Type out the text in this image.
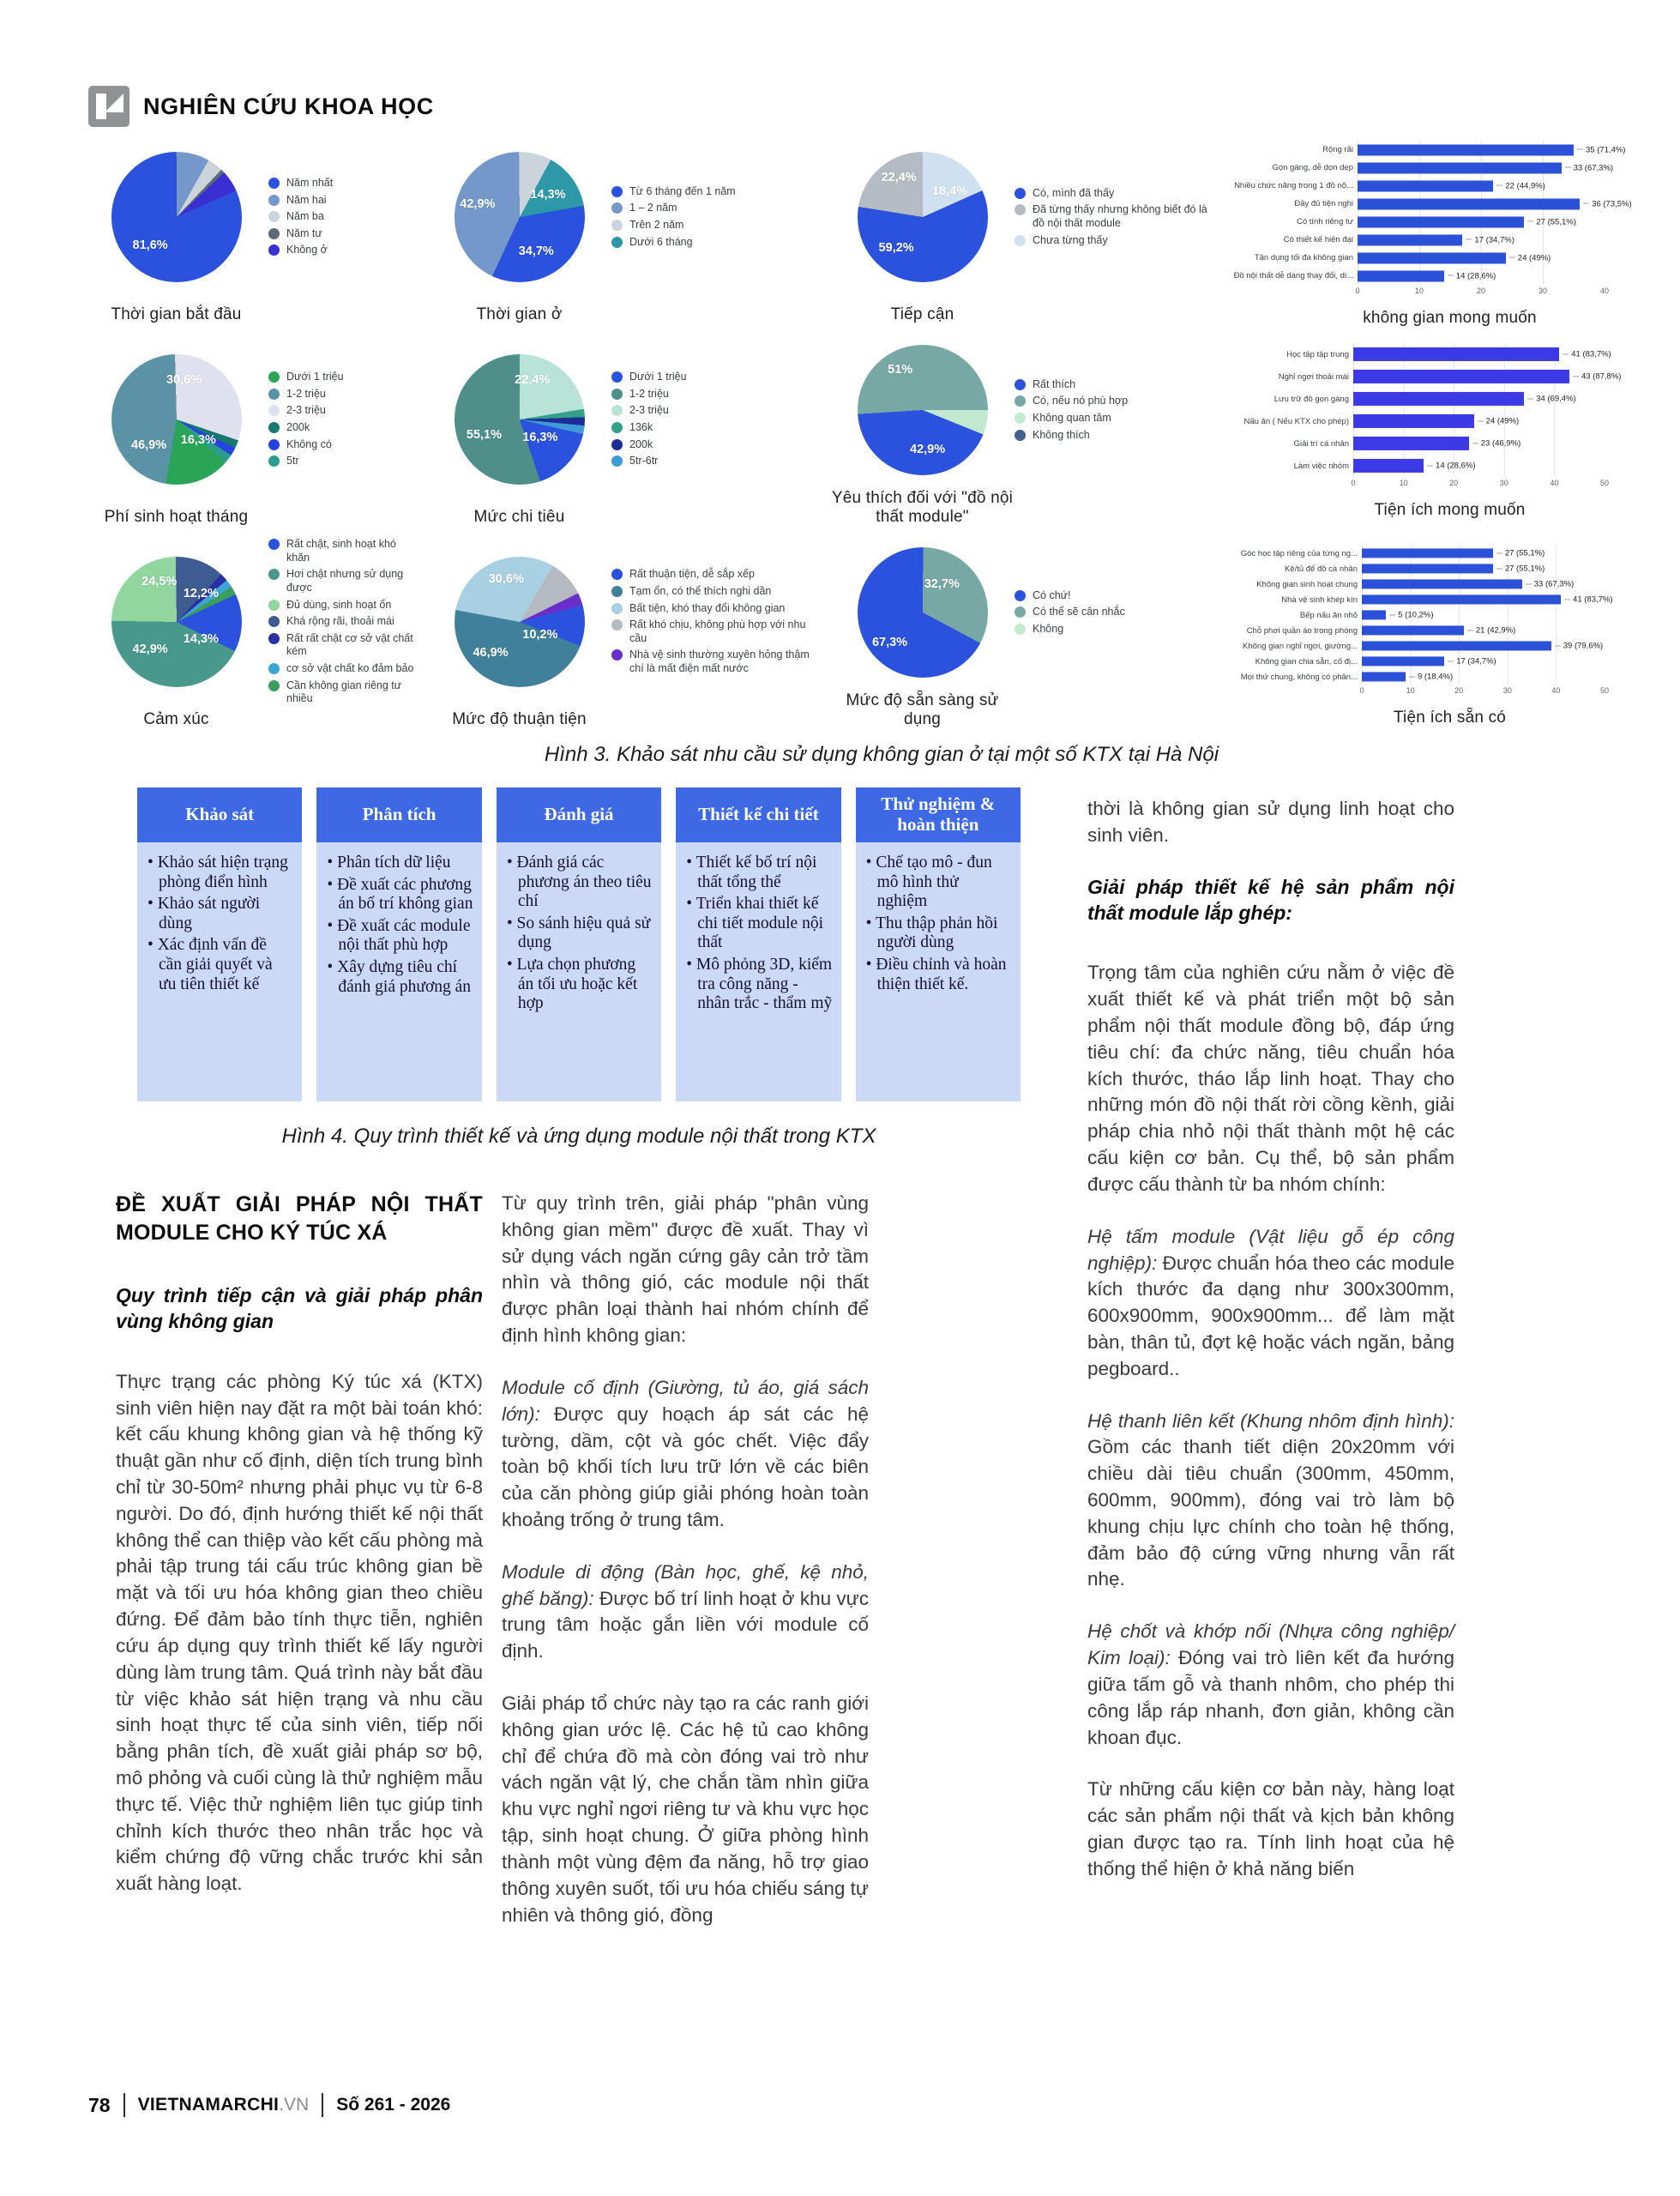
NGHIÊN CỨU KHOA HỌC
81,6%
Năm nhất
Năm hai
Năm ba
Năm tư
Không ở
Thời gian bắt đầu
34,7%
42,9%
14,3%	Từ 6 tháng đến 1 năm
1 – 2 năm
Trên 2 năm
Dưới 6 tháng
Thời gian ở
59,2%
22,4%
18,4%	Có, mình đã thấy
Đã từng thấy nhưng không biết đó là đồ nội thất module
Chưa từng thấy
Tiếp cận
Rộng rãi	35 (71,4%)
Gọn gàng, dễ dọn dẹp	33 (67,3%)
Nhiều chức năng trong 1 đồ nộ...	22 (44,9%)
Đầy đủ tiện nghi	36 (73,5%)
Có tính riêng tư	27 (55,1%)
Có thiết kế hiện đại	17 (34,7%)
Tận dụng tối đa không gian	24 (49%)
Đồ nội thất dễ dàng thay đổi, di...	14 (28,6%)
0	10	20	30	40
không gian mong muốn
16,3%
46,9%
30,6%	Dưới 1 triệu
1-2 triệu
2-3 triệu
200k
Không có
5tr
Phí sinh hoạt tháng
16,3%
55,1%
22,4%	Dưới 1 triệu
1-2 triệu
2-3 triệu
136k
200k
5tr-6tr
Mức chi tiêu
42,9%
51%
Rất thích
Có, nếu nó phù hợp
Không quan tâm
Không thích
Yêu thích đối với "đồ nội thất module"
Học tập tập trung	41 (83,7%)
Nghỉ ngơi thoải mái	43 (87,8%)
Lưu trữ đồ gọn gàng	34 (69,4%)
Nấu ăn ( Nếu KTX cho phép)	24 (49%)
Giải trí cá nhân	23 (46,9%)
Làm việc nhóm	14 (28,6%)
0	10	20	30	40	50
Tiện ích mong muốn
14,3%
42,9%
24,5%
12,2%
Rất chật, sinh hoạt khó khăn
Hơi chật nhưng sử dụng được
Đủ dùng, sinh hoạt ổn
Khá rộng rãi, thoải mái
Rất rất chật cơ sở vật chất kém
cơ sở vật chất ko đảm bảo
Cần không gian riêng tư nhiều
Cảm xúc
10,2%
46,9%
30,6%	Rất thuận tiện, dễ sắp xếp
Tạm ổn, có thể thích nghi dần
Bất tiện, khó thay đổi không gian
Rất khó chịu, không phù hợp với nhu cầu
Nhà vệ sinh thường xuyên hỏng thậm chí là mất điện mất nước
Mức độ thuận tiện
67,3%
32,7%
Có chứ!
Có thể sẽ cân nhắc
Không
Mức độ sẵn sàng sử dụng
Góc học tập riêng của từng ng...	27 (55,1%)
Kệ/tủ để đồ cá nhân	27 (55,1%)
Không gian sinh hoạt chung	33 (67,3%)
Nhà vệ sinh khép kín	41 (83,7%)
Bếp nấu ăn nhỏ	5 (10,2%)
Chỗ phơi quần áo trong phòng	21 (42,9%)
Không gian nghỉ ngơi, giường...	39 (79,6%)
Không gian chia sẵn, cố đị...	17 (34,7%)
Mọi thứ chung, không có phân...	9 (18,4%)
0	10	20	30	40	50
Tiện ích sẵn có
Hình 3. Khảo sát nhu cầu sử dụng không gian ở tại một số KTX tại Hà Nội
Khảo sát
• Khảo sát hiện trạng phòng điển hình
• Khảo sát người dùng
• Xác định vấn đề cần giải quyết và ưu tiên thiết kế
Phân tích
• Phân tích dữ liệu
• Đề xuất các phương án bố trí không gian
• Đề xuất các module nội thất phù hợp
• Xây dựng tiêu chí đánh giá phương án
Đánh giá
• Đánh giá các phương án theo tiêu chí
• So sánh hiệu quả sử dụng
• Lựa chọn phương án tối ưu hoặc kết hợp
Thiết kế chi tiết
• Thiết kế bố trí nội thất tổng thể
• Triển khai thiết kế chi tiết module nội thất
• Mô phỏng 3D, kiểm tra công năng - nhân trắc - thẩm mỹ
Thử nghiệm & hoàn thiện
• Chế tạo mô - đun mô hình thử nghiệm
• Thu thập phản hồi người dùng
• Điều chỉnh và hoàn thiện thiết kế.
Hình 4. Quy trình thiết kế và ứng dụng module nội thất trong KTX
ĐỀ XUẤT GIẢI PHÁP NỘI THẤT MODULE CHO KÝ TÚC XÁ
Quy trình tiếp cận và giải pháp phân vùng không gian

Thực trạng các phòng Ký túc xá (KTX) sinh viên hiện nay đặt ra một bài toán khó: kết cấu khung không gian và hệ thống kỹ thuật gần như cố định, diện tích trung bình chỉ từ 30-50m² nhưng phải phục vụ từ 6-8 người. Do đó, định hướng thiết kế nội thất không thể can thiệp vào kết cấu phòng mà phải tập trung tái cấu trúc không gian bề mặt và tối ưu hóa không gian theo chiều đứng. Để đảm bảo tính thực tiễn, nghiên cứu áp dụng quy trình thiết kế lấy người dùng làm trung tâm. Quá trình này bắt đầu từ việc khảo sát hiện trạng và nhu cầu sinh hoạt thực tế của sinh viên, tiếp nối bằng phân tích, đề xuất giải pháp sơ bộ, mô phỏng và cuối cùng là thử nghiệm mẫu thực tế. Việc thử nghiệm liên tục giúp tinh chỉnh kích thước theo nhân trắc học và kiểm chứng độ vững chắc trước khi sản xuất hàng loạt.

Từ quy trình trên, giải pháp "phân vùng không gian mềm" được đề xuất. Thay vì sử dụng vách ngăn cứng gây cản trở tầm nhìn và thông gió, các module nội thất được phân loại thành hai nhóm chính để định hình không gian:

Module cố định (Giường, tủ áo, giá sách lớn): Được quy hoạch áp sát các hệ tường, dầm, cột và góc chết. Việc đẩy toàn bộ khối tích lưu trữ lớn về các biên của căn phòng giúp giải phóng hoàn toàn khoảng trống ở trung tâm.

Module di động (Bàn học, ghế, kệ nhỏ, ghế băng): Được bố trí linh hoạt ở khu vực trung tâm hoặc gắn liền với module cố định.

Giải pháp tổ chức này tạo ra các ranh giới không gian ước lệ. Các hệ tủ cao không chỉ để chứa đồ mà còn đóng vai trò như vách ngăn vật lý, che chắn tầm nhìn giữa khu vực nghỉ ngơi riêng tư và khu vực học tập, sinh hoạt chung. Ở giữa phòng hình thành một vùng đệm đa năng, hỗ trợ giao thông xuyên suốt, tối ưu hóa chiếu sáng tự nhiên và thông gió, đồng

thời là không gian sử dụng linh hoạt cho sinh viên.

Giải pháp thiết kế hệ sản phẩm nội thất module lắp ghép:

Trọng tâm của nghiên cứu nằm ở việc đề xuất thiết kế và phát triển một bộ sản phẩm nội thất module đồng bộ, đáp ứng tiêu chí: đa chức năng, tiêu chuẩn hóa kích thước, tháo lắp linh hoạt. Thay cho những món đồ nội thất rời cồng kềnh, giải pháp chia nhỏ nội thất thành một hệ các cấu kiện cơ bản. Cụ thể, bộ sản phẩm được cấu thành từ ba nhóm chính:

Hệ tấm module (Vật liệu gỗ ép công nghiệp): Được chuẩn hóa theo các module kích thước đa dạng như 300x300mm, 600x900mm, 900x900mm... để làm mặt bàn, thân tủ, đợt kệ hoặc vách ngăn, bảng pegboard..

Hệ thanh liên kết (Khung nhôm định hình): Gồm các thanh tiết diện 20x20mm với chiều dài tiêu chuẩn (300mm, 450mm, 600mm, 900mm), đóng vai trò làm bộ khung chịu lực chính cho toàn hệ thống, đảm bảo độ cứng vững nhưng vẫn rất nhẹ.

Hệ chốt và khớp nối (Nhựa công nghiệp/ Kim loại): Đóng vai trò liên kết đa hướng giữa tấm gỗ và thanh nhôm, cho phép thi công lắp ráp nhanh, đơn giản, không cần khoan đục.

Từ những cấu kiện cơ bản này, hàng loạt các sản phẩm nội thất và kịch bản không gian được tạo ra. Tính linh hoạt của hệ thống thể hiện ở khả năng biến

78 VIETNAMARCHI.VN Số 261 - 2026
